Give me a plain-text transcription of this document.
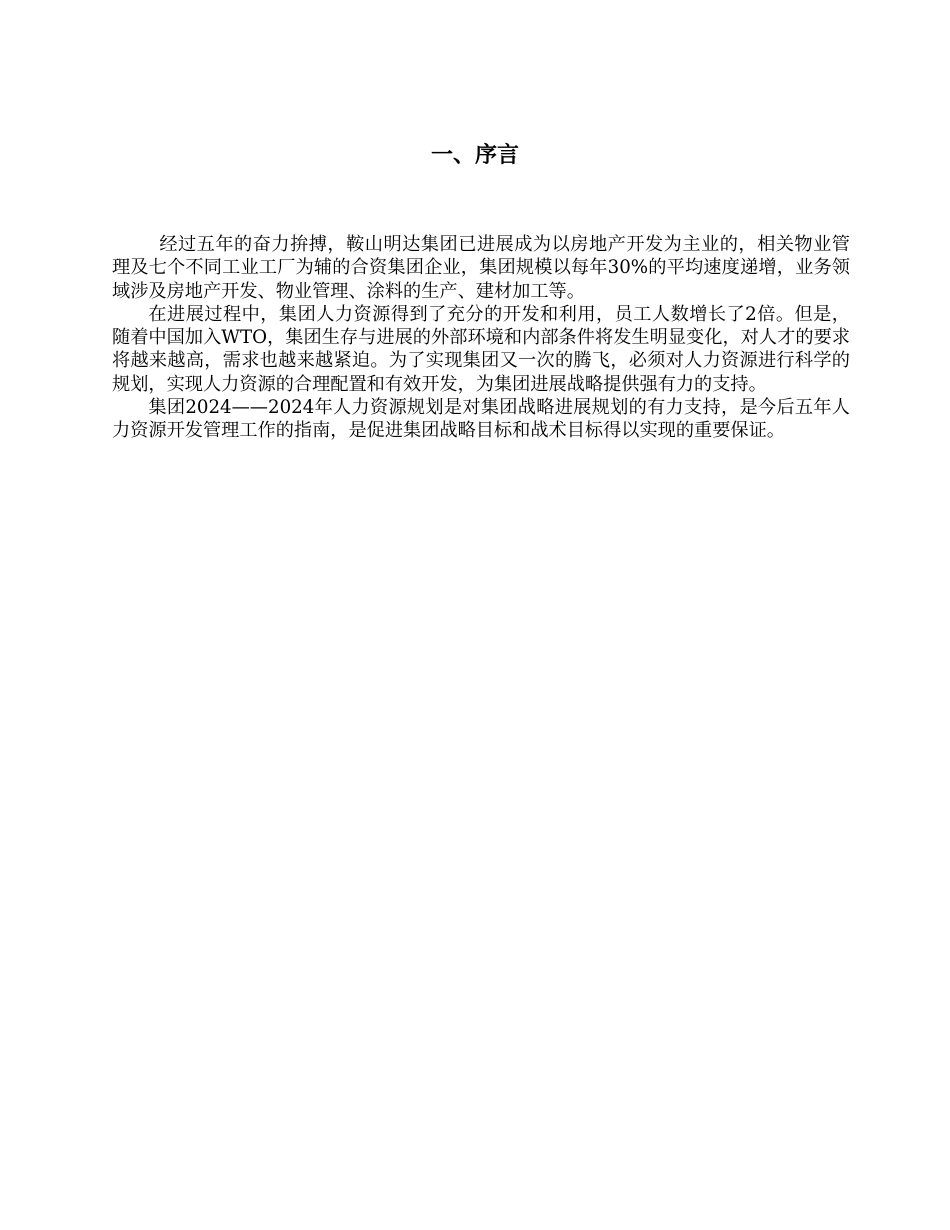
一、序言

经过五年的奋力拚搏，鞍山明达集团已进展成为以房地产开发为主业的，相关物业管理及七个不同工业工厂为辅的合资集团企业，集团规模以每年30%的平均速度递增，业务领域涉及房地产开发、物业管理、涂料的生产、建材加工等。

在进展过程中，集团人力资源得到了充分的开发和利用，员工人数增长了2倍。但是，随着中国加入WTO，集团生存与进展的外部环境和内部条件将发生明显变化，对人才的要求将越来越高，需求也越来越紧迫。为了实现集团又一次的腾飞，必须对人力资源进行科学的规划，实现人力资源的合理配置和有效开发，为集团进展战略提供强有力的支持。

集团2024——2024年人力资源规划是对集团战略进展规划的有力支持，是今后五年人力资源开发管理工作的指南，是促进集团战略目标和战术目标得以实现的重要保证。
